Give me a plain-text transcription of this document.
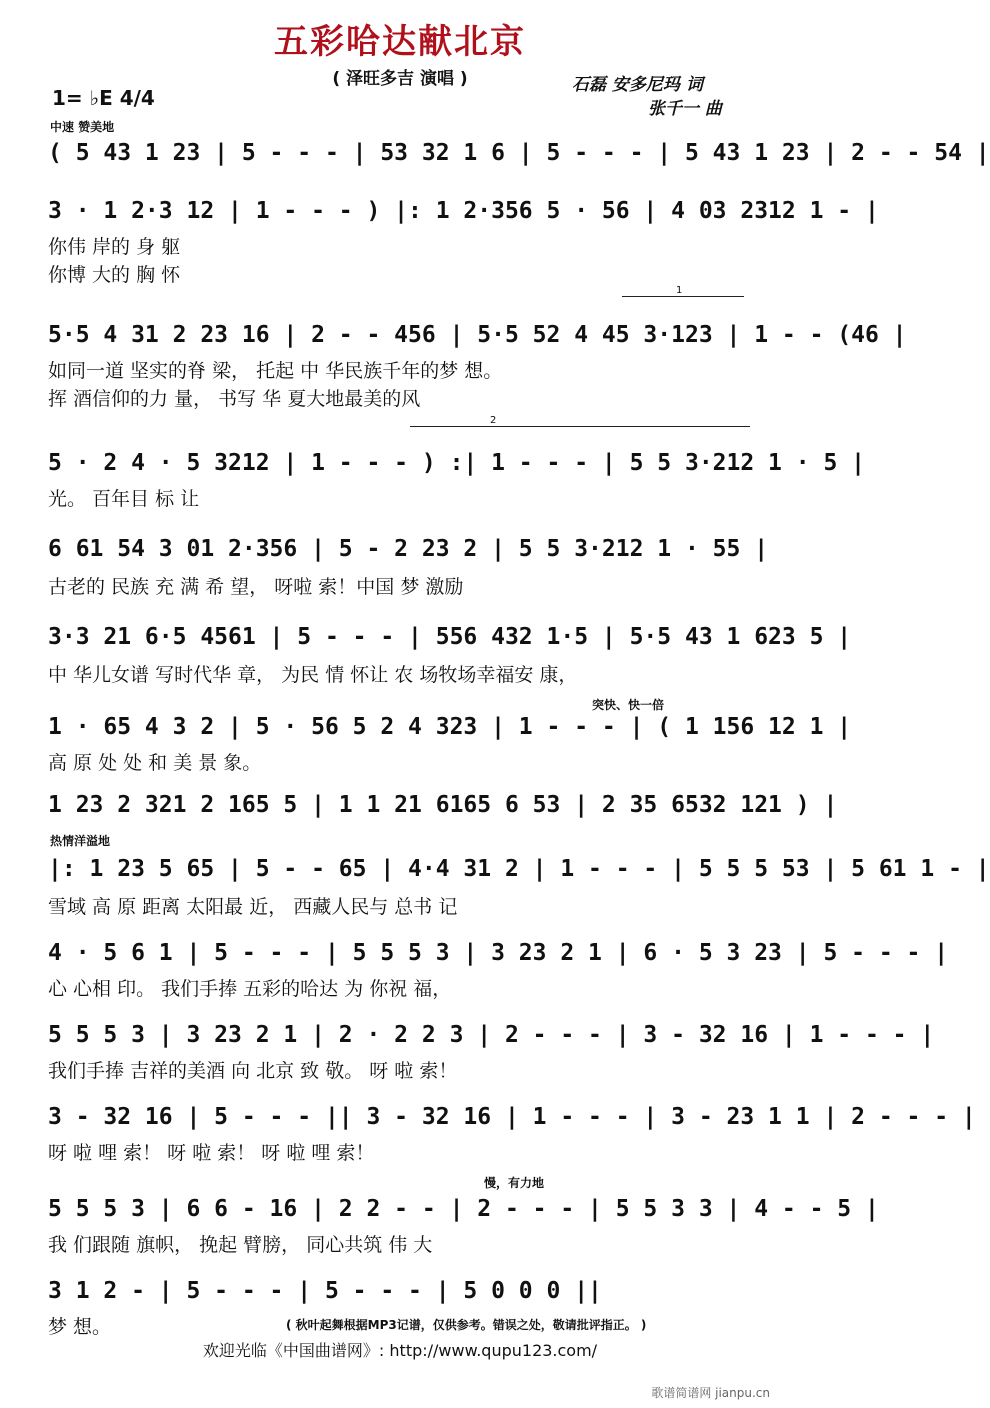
五彩哈达献北京
( 泽旺多吉 演唱 )	石磊 安多尼玛 词
张千一 曲
1= ♭E 4/4
中速 赞美地
突快、快一倍
热情洋溢地
慢，有力地
1
2
( 5 43 1 23 | 5 - - - | 53 32 1 6 | 5 - - - | 5 43 1 23 | 2 - - 54 |
3 · 1 2·3 12 | 1 - - - ) |: 1 2·356 5 · 56 | 4 03 2312 1 - |
你伟 岸的 身 躯
你博 大的 胸 怀
5·5 4 31 2 23 16 | 2 - - 456 | 5·5 52 4 45 3·123 | 1 - - (46 |
如同一道 坚实的脊 梁， 托起 中 华民族千年的梦 想。
挥 酒信仰的力 量， 书写 华 夏大地最美的风
5 · 2 4 · 5 3212 | 1 - - - ) :| 1 - - - | 5 5 3·212 1 · 5 |
光。 百年目 标 让
6 61 54 3 01 2·356 | 5 - 2 23 2 | 5 5 3·212 1 · 55 |
古老的 民族 充 满 希 望， 呀啦 索！中国 梦 激励
3·3 21 6·5 4561 | 5 - - - | 556 432 1·5 | 5·5 43 1 623 5 |
中 华儿女谱 写时代华 章， 为民 情 怀让 农 场牧场幸福安 康，
1 · 65 4 3 2 | 5 · 56 5 2 4 323 | 1 - - - | ( 1 156 12 1 |
高 原 处 处 和 美 景 象。
1 23 2 321 2 165 5 | 1 1 21 6165 6 53 | 2 35 6532 121 ) |
|: 1 23 5 65 | 5 - - 65 | 4·4 31 2 | 1 - - - | 5 5 5 53 | 5 61 1 - |
雪域 高 原 距离 太阳最 近， 西藏人民与 总书 记
4 · 5 6 1 | 5 - - - | 5 5 5 3 | 3 23 2 1 | 6 · 5 3 23 | 5 - - - |
心 心相 印。 我们手捧 五彩的哈达 为 你祝 福，
5 5 5 3 | 3 23 2 1 | 2 · 2 2 3 | 2 - - - | 3 - 32 16 | 1 - - - |
我们手捧 吉祥的美酒 向 北京 致 敬。 呀 啦 索！
3 - 32 16 | 5 - - - || 3 - 32 16 | 1 - - - | 3 - 23 1 1 | 2 - - - |
呀 啦 哩 索！ 呀 啦 索！ 呀 啦 哩 索！
5 5 5 3 | 6 6 - 16 | 2 2 - - | 2 - - - | 5 5 3 3 | 4 - - 5 |
我 们跟随 旗帜， 挽起 臂膀， 同心共筑 伟 大
3 1 2 - | 5 - - - | 5 - - - | 5 0 0 0 ||
梦 想。	( 秋叶起舞根据MP3记谱，仅供参考。错误之处，敬请批评指正。 )
欢迎光临《中国曲谱网》: http://www.qupu123.com/
歌谱简谱网 jianpu.cn
